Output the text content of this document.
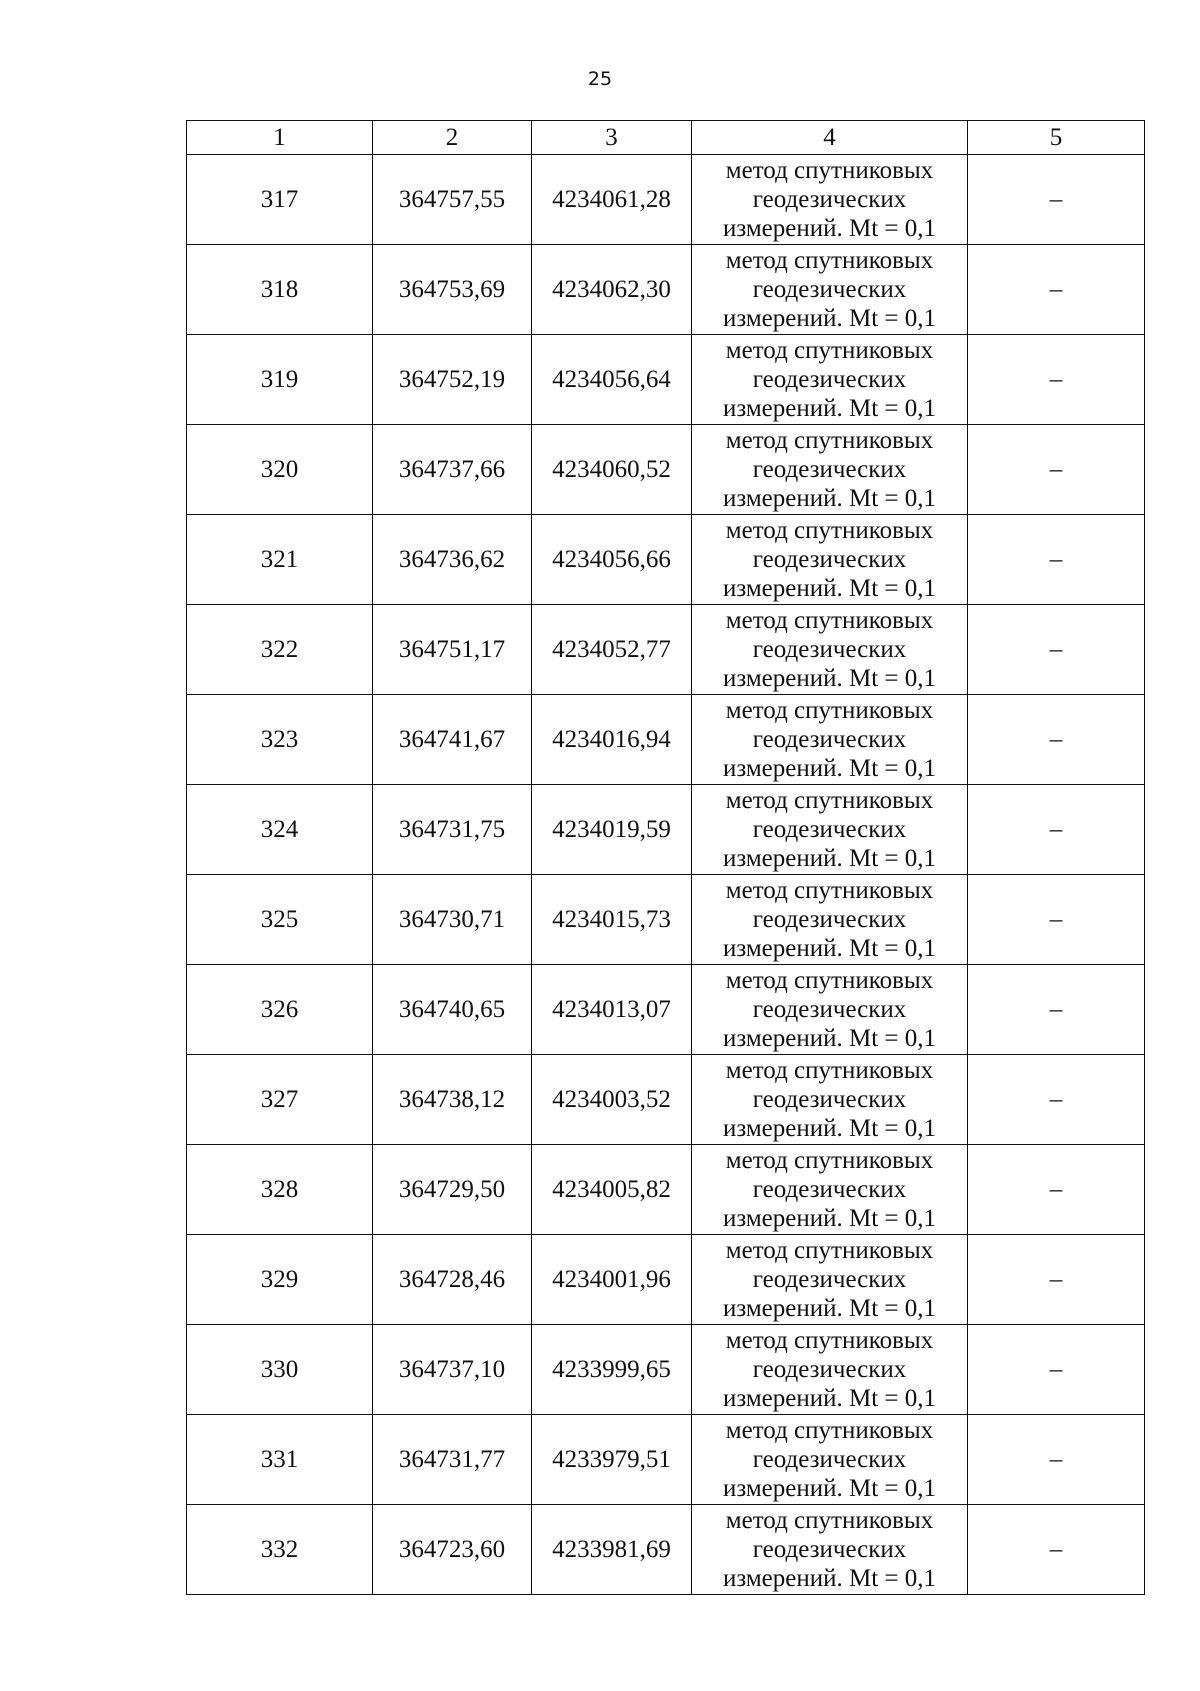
25
1	2	3	4	5
317	364757,55	4234061,28	метод спутниковых геодезических измерений. Mt = 0,1	–
318	364753,69	4234062,30	метод спутниковых геодезических измерений. Mt = 0,1	–
319	364752,19	4234056,64	метод спутниковых геодезических измерений. Mt = 0,1	–
320	364737,66	4234060,52	метод спутниковых геодезических измерений. Mt = 0,1	–
321	364736,62	4234056,66	метод спутниковых геодезических измерений. Mt = 0,1	–
322	364751,17	4234052,77	метод спутниковых геодезических измерений. Mt = 0,1	–
323	364741,67	4234016,94	метод спутниковых геодезических измерений. Mt = 0,1	–
324	364731,75	4234019,59	метод спутниковых геодезических измерений. Mt = 0,1	–
325	364730,71	4234015,73	метод спутниковых геодезических измерений. Mt = 0,1	–
326	364740,65	4234013,07	метод спутниковых геодезических измерений. Mt = 0,1	–
327	364738,12	4234003,52	метод спутниковых геодезических измерений. Mt = 0,1	–
328	364729,50	4234005,82	метод спутниковых геодезических измерений. Mt = 0,1	–
329	364728,46	4234001,96	метод спутниковых геодезических измерений. Mt = 0,1	–
330	364737,10	4233999,65	метод спутниковых геодезических измерений. Mt = 0,1	–
331	364731,77	4233979,51	метод спутниковых геодезических измерений. Mt = 0,1	–
332	364723,60	4233981,69	метод спутниковых геодезических измерений. Mt = 0,1	–
